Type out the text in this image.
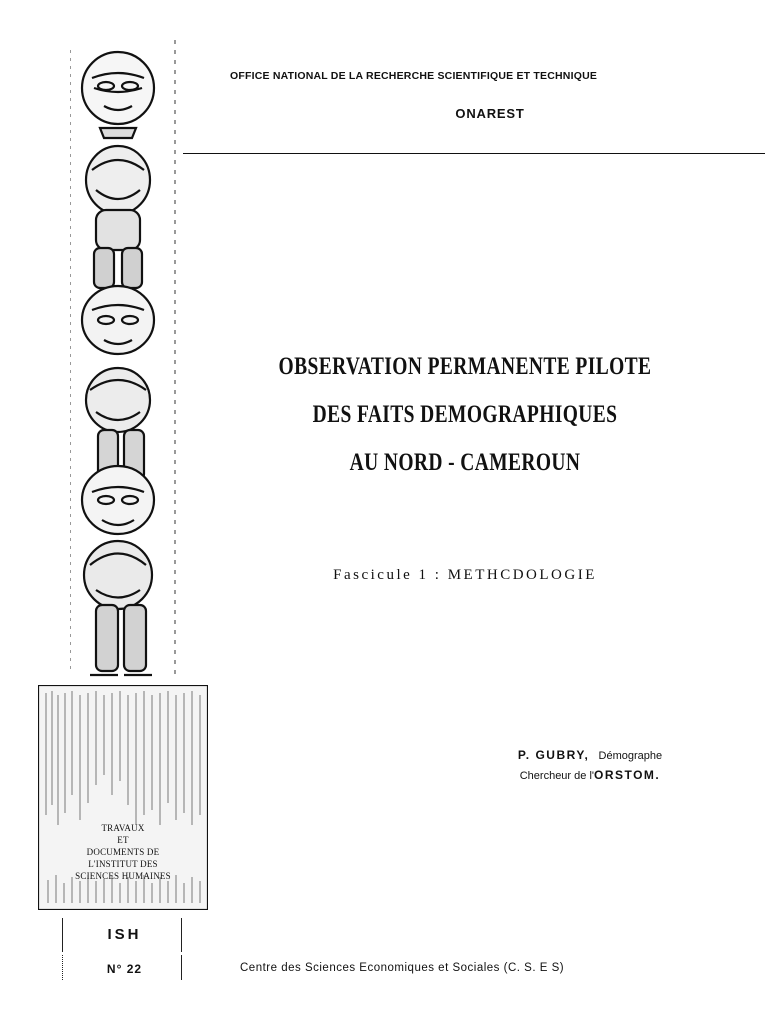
OFFICE NATIONAL DE LA RECHERCHE SCIENTIFIQUE ET TECHNIQUE
ONAREST
TRAVAUX
ET
DOCUMENTS DE
L'INSTITUT DES
SCIENCES HUMAINES
ISH
N° 22
OBSERVATION PERMANENTE PILOTE
DES FAITS DEMOGRAPHIQUES
AU NORD - CAMEROUN
Fascicule 1 : METHCDOLOGIE
P. GUBRY, Démographe
Chercheur de l'ORSTOM.
Centre des Sciences Economiques et Sociales (C. S. E S)
